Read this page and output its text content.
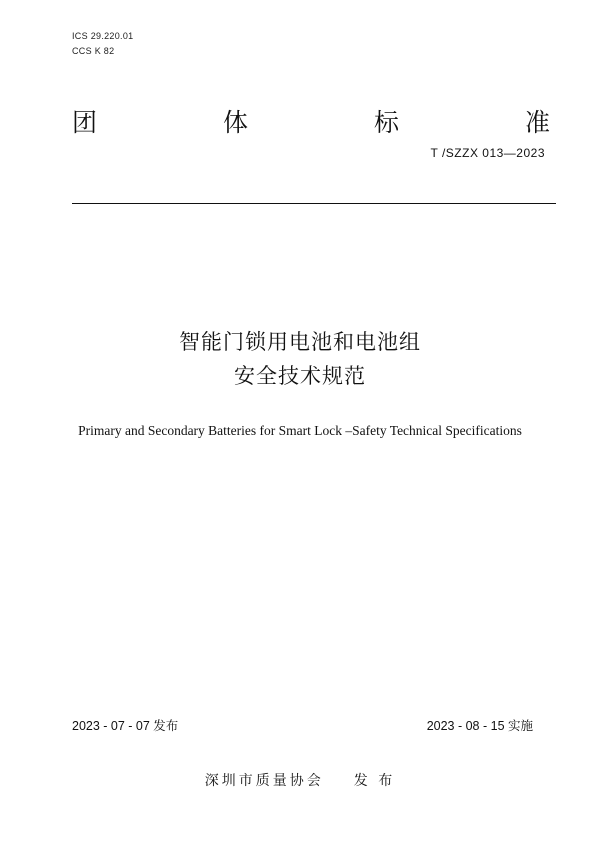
ICS 29.220.01
CCS K 82
团	体	标	准
T /SZZX 013—2023
智能门锁用电池和电池组
安全技术规范
Primary and Secondary Batteries for Smart Lock –Safety Technical Specifications
2023 - 07 - 07 发布	2023 - 08 - 15 实施
深圳市质量协会 发 布
